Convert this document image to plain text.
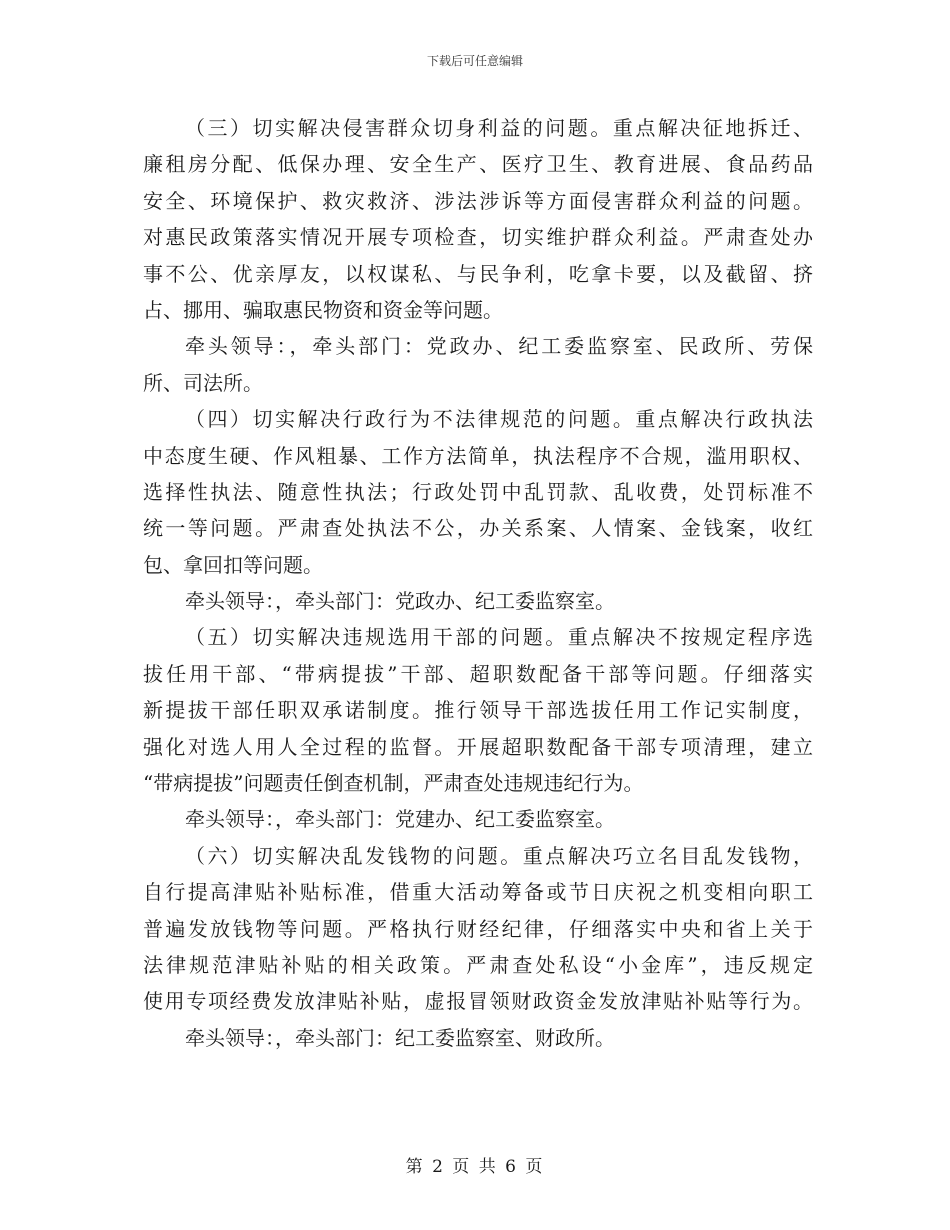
下载后可任意编辑
（三）切实解决侵害群众切身利益的问题。重点解决征地拆迁、
廉租房分配、低保办理、安全生产、医疗卫生、教育进展、食品药品
安全、环境保护、救灾救济、涉法涉诉等方面侵害群众利益的问题。
对惠民政策落实情况开展专项检查，切实维护群众利益。严肃查处办
事不公、优亲厚友，以权谋私、与民争利，吃拿卡要，以及截留、挤
占、挪用、骗取惠民物资和资金等问题。
牵头领导：，牵头部门：党政办、纪工委监察室、民政所、劳保
所、司法所。
（四）切实解决行政行为不法律规范的问题。重点解决行政执法
中态度生硬、作风粗暴、工作方法简单，执法程序不合规，滥用职权、
选择性执法、随意性执法；行政处罚中乱罚款、乱收费，处罚标准不
统一等问题。严肃查处执法不公，办关系案、人情案、金钱案，收红
包、拿回扣等问题。
牵头领导：，牵头部门：党政办、纪工委监察室。
（五）切实解决违规选用干部的问题。重点解决不按规定程序选
拔任用干部、“带病提拔”干部、超职数配备干部等问题。仔细落实
新提拔干部任职双承诺制度。推行领导干部选拔任用工作记实制度，
强化对选人用人全过程的监督。开展超职数配备干部专项清理，建立
“带病提拔”问题责任倒查机制，严肃查处违规违纪行为。
牵头领导：，牵头部门：党建办、纪工委监察室。
（六）切实解决乱发钱物的问题。重点解决巧立名目乱发钱物，
自行提高津贴补贴标准，借重大活动筹备或节日庆祝之机变相向职工
普遍发放钱物等问题。严格执行财经纪律，仔细落实中央和省上关于
法律规范津贴补贴的相关政策。严肃查处私设“小金库”，违反规定
使用专项经费发放津贴补贴，虚报冒领财政资金发放津贴补贴等行为。
牵头领导：，牵头部门：纪工委监察室、财政所。
第 2 页 共 6 页
